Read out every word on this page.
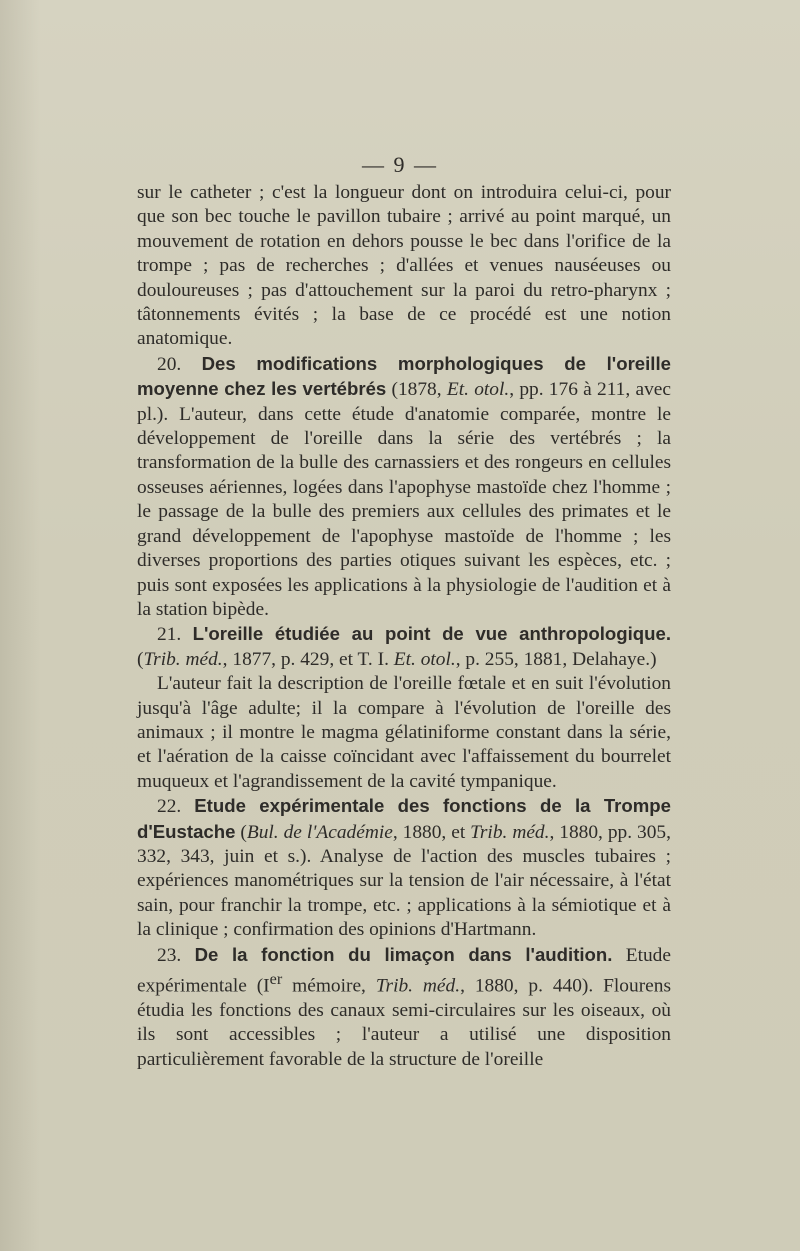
— 9 —

sur le catheter ; c'est la longueur dont on introduira celui-ci, pour que son bec touche le pavillon tubaire ; arrivé au point marqué, un mouvement de rotation en dehors pousse le bec dans l'orifice de la trompe ; pas de recherches ; d'allées et venues nauséeuses ou douloureuses ; pas d'attouchement sur la paroi du retro-pharynx ; tâtonnements évités ; la base de ce procédé est une notion anatomique.

20. Des modifications morphologiques de l'oreille moyenne chez les vertébrés (1878, Et. otol., pp. 176 à 211, avec pl.). L'auteur, dans cette étude d'anatomie comparée, montre le développement de l'oreille dans la série des vertébrés ; la transformation de la bulle des carnassiers et des rongeurs en cellules osseuses aériennes, logées dans l'apophyse mastoïde chez l'homme ; le passage de la bulle des premiers aux cellules des primates et le grand développement de l'apophyse mastoïde de l'homme ; les diverses proportions des parties otiques suivant les espèces, etc. ; puis sont exposées les applications à la physiologie de l'audition et à la station bipède.

21. L'oreille étudiée au point de vue anthropologique. (Trib. méd., 1877, p. 429, et T. I. Et. otol., p. 255, 1881, Delahaye.)

L'auteur fait la description de l'oreille fœtale et en suit l'évolution jusqu'à l'âge adulte; il la compare à l'évolution de l'oreille des animaux ; il montre le magma gélatiniforme constant dans la série, et l'aération de la caisse coïncidant avec l'affaissement du bourrelet muqueux et l'agrandissement de la cavité tympanique.

22. Etude expérimentale des fonctions de la Trompe d'Eustache (Bul. de l'Académie, 1880, et Trib. méd., 1880, pp. 305, 332, 343, juin et s.). Analyse de l'action des muscles tubaires ; expériences manométriques sur la tension de l'air nécessaire, à l'état sain, pour franchir la trompe, etc. ; applications à la sémiotique et à la clinique ; confirmation des opinions d'Hartmann.

23. De la fonction du limaçon dans l'audition. Etude expérimentale (Ier mémoire, Trib. méd., 1880, p. 440). Flourens étudia les fonctions des canaux semi-circulaires sur les oiseaux, où ils sont accessibles ; l'auteur a utilisé une disposition particulièrement favorable de la structure de l'oreille
